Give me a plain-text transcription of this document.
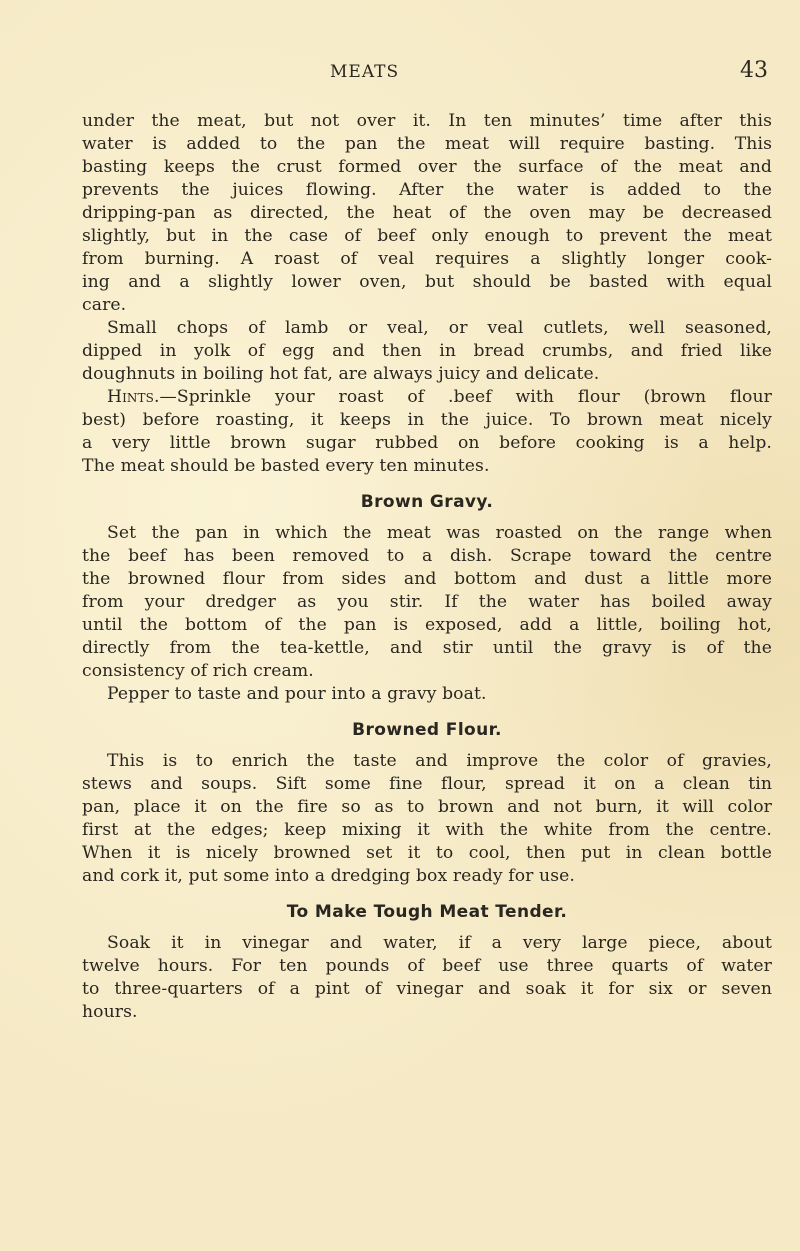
MEATS	43
under the meat, but not over it. In ten minutes’ time after this
water is added to the pan the meat will require basting. This
basting keeps the crust formed over the surface of the meat and
prevents the juices flowing. After the water is added to the
dripping-pan as directed, the heat of the oven may be decreased
slightly, but in the case of beef only enough to prevent the meat
from burning. A roast of veal requires a slightly longer cook-
ing and a slightly lower oven, but should be basted with equal
care.
Small chops of lamb or veal, or veal cutlets, well seasoned,
dipped in yolk of egg and then in bread crumbs, and fried like
doughnuts in boiling hot fat, are always juicy and delicate.
Hints.—Sprinkle your roast of .beef with flour (brown flour
best) before roasting, it keeps in the juice. To brown meat nicely
a very little brown sugar rubbed on before cooking is a help.
The meat should be basted every ten minutes.
Brown Gravy.
Set the pan in which the meat was roasted on the range when
the beef has been removed to a dish. Scrape toward the centre
the browned flour from sides and bottom and dust a little more
from your dredger as you stir. If the water has boiled away
until the bottom of the pan is exposed, add a little, boiling hot,
directly from the tea-kettle, and stir until the gravy is of the
consistency of rich cream.
Pepper to taste and pour into a gravy boat.
Browned Flour.
This is to enrich the taste and improve the color of gravies,
stews and soups. Sift some fine flour, spread it on a clean tin
pan, place it on the fire so as to brown and not burn, it will color
first at the edges; keep mixing it with the white from the centre.
When it is nicely browned set it to cool, then put in clean bottle
and cork it, put some into a dredging box ready for use.
To Make Tough Meat Tender.
Soak it in vinegar and water, if a very large piece, about
twelve hours. For ten pounds of beef use three quarts of water
to three-quarters of a pint of vinegar and soak it for six or seven
hours.
